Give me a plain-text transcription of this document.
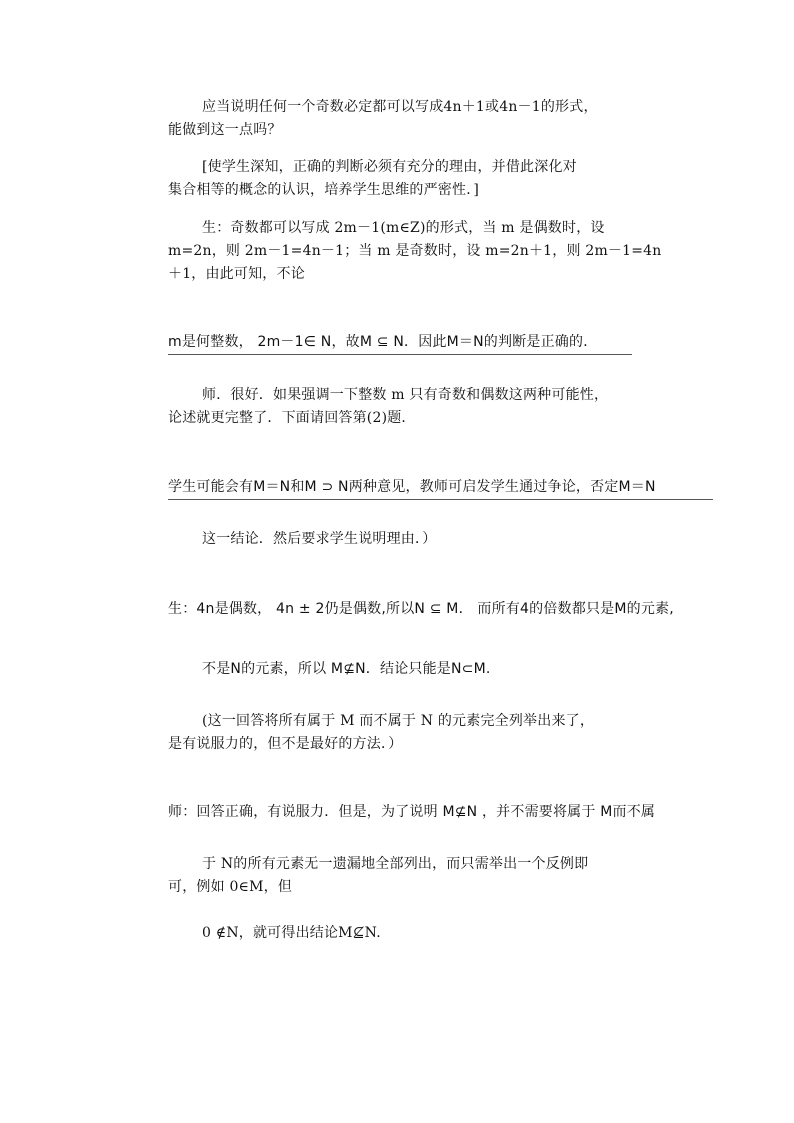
应当说明任何一个奇数必定都可以写成4n＋1或4n－1的形式，
能做到这一点吗？
[使学生深知，正确的判断必须有充分的理由，并借此深化对
集合相等的概念的认识，培养学生思维的严密性．]
生：奇数都可以写成 2m－1(m∈Z)的形式，当 m 是偶数时，设
m=2n，则 2m－1=4n－1；当 m 是奇数时，设 m=2n＋1，则 2m－1=4n
＋1，由此可知，不论
m是何整数， 2m－1∈ N，故M ⊆ N．因此M＝N的判断是正确的．
师．很好．如果强调一下整数 m 只有奇数和偶数这两种可能性，
论述就更完整了．下面请回答第(2)题．
学生可能会有M＝N和M ⊃ N两种意见，教师可启发学生通过争论，否定M＝N
这一结论．然后要求学生说明理由．）
生：4n是偶数， 4n ± 2仍是偶数,所以N ⊆ M． 而所有4的倍数都只是M的元素,
不是N的元素，所以 M⊈N．结论只能是N⊂M.
(这一回答将所有属于 M 而不属于 N 的元素完全列举出来了，
是有说服力的，但不是最好的方法．）
师：回答正确，有说服力．但是，为了说明 M⊈N ，并不需要将属于 M而不属
于 N的所有元素无一遗漏地全部列出，而只需举出一个反例即
可，例如 0∈M，但
0 ∉N，就可得出结论M⊈N.
